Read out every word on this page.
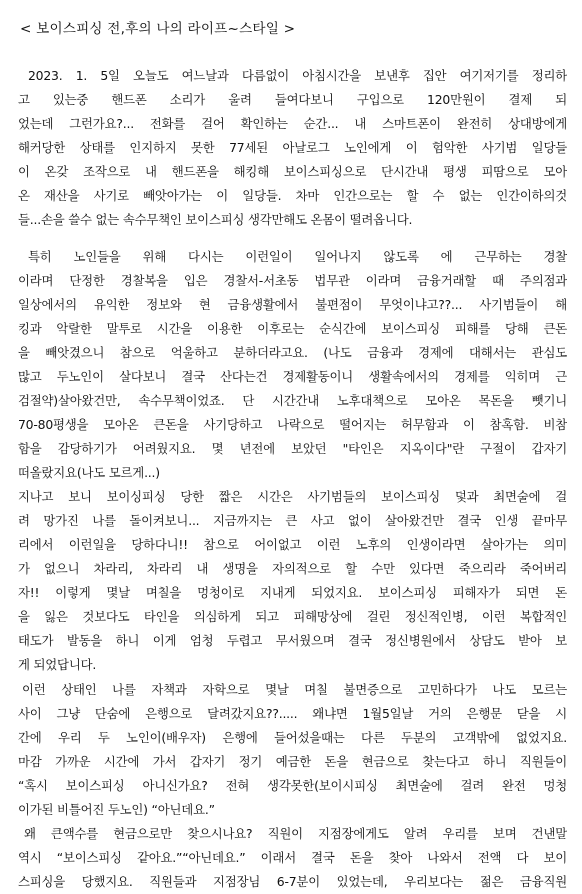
< 보이스피싱 전,후의 나의 라이프~스타일 >
2023. 1. 5일 오늘도 여느날과 다름없이 아침시간을 보낸후 집안 여기저기를 정리하
고 있는중 핸드폰 소리가 울려 들여다보니 구입으로 120만원이 결제 되
었는데 그런가요?... 전화를 걸어 확인하는 순간... 내 스마트폰이 완전히 상대방에게
해커당한 상태를 인지하지 못한 77세된 아날로그 노인에게 이 험악한 사기범 일당들
이 온갖 조작으로 내 핸드폰을 해킹해 보이스피싱으로 단시간내 평생 피땀으로 모아
온 재산을 사기로 빼앗아가는 이 일당들. 차마 인간으로는 할 수 없는 인간이하의것
들...손을 쓸수 없는 속수무책인 보이스피싱 생각만해도 온몸이 떨려옵니다.
특히 노인들을 위해 다시는 이런일이 일어나지 않도록 에 근무하는 경찰
이라며 단정한 경찰복을 입은 경찰서-서초동 법무관 이라며 금융거래할 때 주의점과
일상에서의 유익한 정보와 현 금융생활에서 불편점이 무엇이냐고??... 사기범들이 해
킹과 악랄한 말투로 시간을 이용한 이후로는 순식간에 보이스피싱 피해를 당해 큰돈
을 빼앗겼으니 참으로 억울하고 분하더라고요. (나도 금융과 경제에 대해서는 관심도
많고 두노인이 살다보니 결국 산다는건 경제활동이니 생활속에서의 경제를 익히며 근
검절약)살아왔건만, 속수무책이었죠. 단 시간간내 노후대책으로 모아온 목돈을 뺏기니
70-80평생을 모아온 큰돈을 사기당하고 나락으로 떨어지는 허무함과 이 참혹함. 비참
함을 감당하기가 어려웠지요. 몇 년전에 보았던 "타인은 지옥이다"란 구절이 갑자기
떠올랐지요(나도 모르게...)
지나고 보니 보이싱피싱 당한 짧은 시간은 사기범들의 보이스피싱 덫과 최면술에 걸
려 망가진 나를 돌이켜보니... 지금까지는 큰 사고 없이 살아왔건만 결국 인생 끝마무
리에서 이런일을 당하다니!! 참으로 어이없고 이런 노후의 인생이라면 살아가는 의미
가 없으니 차라리, 차라리 내 생명을 자의적으로 할 수만 있다면 죽으리라 죽어버리
자!! 이렇게 몇날 며칠을 멍청이로 지내게 되었지요. 보이스피싱 피해자가 되면 돈
을 잃은 것보다도 타인을 의심하게 되고 피해망상에 걸린 정신적인병, 이런 복합적인
태도가 발동을 하니 이게 엄청 두렵고 무서웠으며 결국 정신병원에서 상담도 받아 보
게 되었답니다.
이런 상태인 나를 자책과 자학으로 몇날 며칠 불면증으로 고민하다가 나도 모르는
사이 그냥 단숨에 은행으로 달려갔지요??..... 왜냐면 1월5일날 거의 은행문 닫을 시
간에 우리 두 노인이(배우자) 은행에 들어섰을때는 다른 두분의 고객밖에 없었지요.
마감 가까운 시간에 가서 갑자기 정기 예금한 돈을 현금으로 찾는다고 하니 직원들이
“혹시 보이스피싱 아니신가요? 전혀 생각못한(보이시피싱 최면술에 걸려 완전 멍청
이가된 비틀어진 두노인) “아닌데요.”
왜 큰액수를 현금으로만 찾으시나요? 직원이 지점장에게도 알려 우리를 보며 건낸말
역시 “보이스피싱 같아요.”“아닌데요.” 이래서 결국 돈을 찾아 나와서 전액 다 보이
스피싱을 당했지요. 직원들과 지점장님 6-7분이 있었는데, 우리보다는 젊은 금융직원
